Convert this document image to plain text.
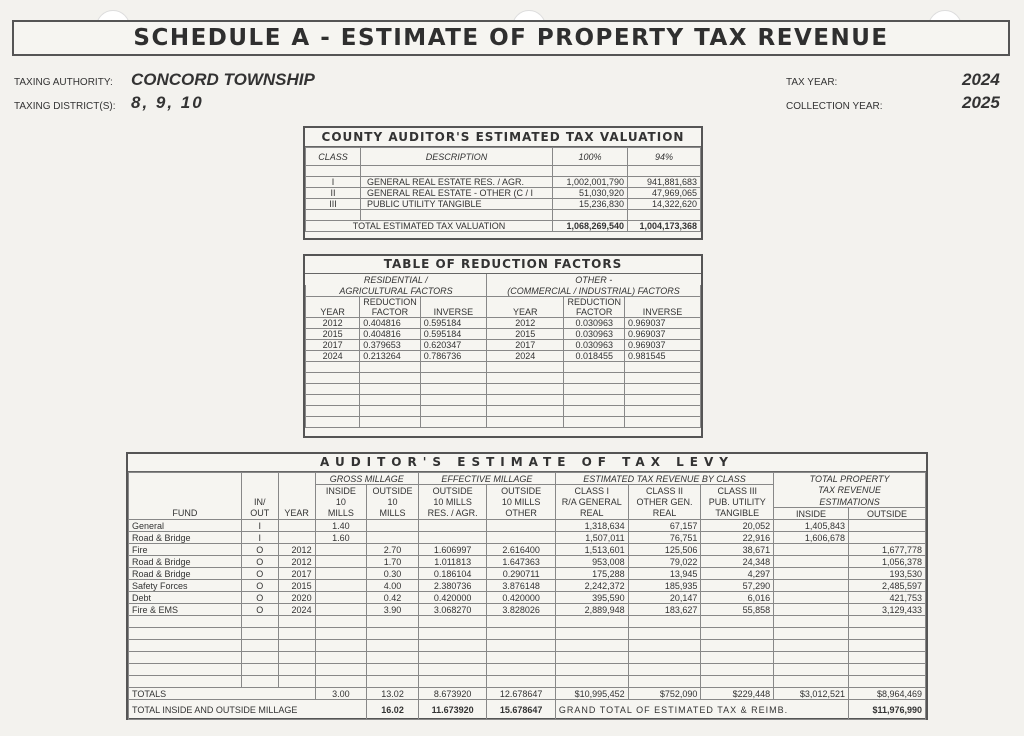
SCHEDULE A - ESTIMATE OF PROPERTY TAX REVENUE
TAXING AUTHORITY: CONCORD TOWNSHIP
TAXING DISTRICT(S): 8, 9, 10
TAX YEAR:	2024
COLLECTION YEAR:	2025
COUNTY AUDITOR'S ESTIMATED TAX VALUATION
CLASS	DESCRIPTION	100%	94%

I	GENERAL REAL ESTATE RES. / AGR.	1,002,001,790	941,881,683
II	GENERAL REAL ESTATE - OTHER (C / I	51,030,920	47,969,065
III	PUBLIC UTILITY TANGIBLE	15,236,830	14,322,620

TOTAL ESTIMATED TAX VALUATION		1,068,269,540	1,004,173,368
TABLE OF REDUCTION FACTORS
RESIDENTIAL /			OTHER -		
AGRICULTURAL FACTORS			(COMMERCIAL / INDUSTRIAL) FACTORS		
YEAR	REDUCTION	INVERSE	YEAR	REDUCTION	INVERSE
	FACTOR			FACTOR	
2012	0.404816	0.595184	2012	0.030963	0.969037
2015	0.404816	0.595184	2015	0.030963	0.969037
2017	0.379653	0.620347	2017	0.030963	0.969037
2024	0.213264	0.786736	2024	0.018455	0.981545

AUDITOR'S ESTIMATE OF TAX LEVY
			GROSS MILLAGE		EFFECTIVE MILLAGE		ESTIMATED TAX REVENUE BY CLASS			TOTAL PROPERTY	
			INSIDE	OUTSIDE	OUTSIDE	OUTSIDE	CLASS I	CLASS II	CLASS III	TAX REVENUE	
	IN/		10	10	10 MILLS	10 MILLS	R/A GENERAL	OTHER GEN.	PUB. UTILITY	ESTIMATIONS	
FUND	OUT	YEAR	MILLS	MILLS	RES. / AGR.	OTHER	REAL	REAL	TANGIBLE	INSIDE	OUTSIDE
General	I		1.40				1,318,634	67,157	20,052	1,405,843	
Road & Bridge	I		1.60				1,507,011	76,751	22,916	1,606,678	
Fire	O	2012		2.70	1.606997	2.616400	1,513,601	125,506	38,671		1,677,778
Road & Bridge	O	2012		1.70	1.011813	1.647363	953,008	79,022	24,348		1,056,378
Road & Bridge	O	2017		0.30	0.186104	0.290711	175,288	13,945	4,297		193,530
Safety Forces	O	2015		4.00	2.380736	3.876148	2,242,372	185,935	57,290		2,485,597
Debt	O	2020		0.42	0.420000	0.420000	395,590	20,147	6,016		421,753
Fire & EMS	O	2024		3.90	3.068270	3.828026	2,889,948	183,627	55,858		3,129,433

TOTALS			3.00	13.02	8.673920	12.678647	$10,995,452	$752,090	$229,448	$3,012,521	$8,964,469
TOTAL INSIDE AND OUTSIDE MILLAGE				16.02	11.673920	15.678647	GRAND TOTAL OF ESTIMATED TAX & REIMB.				$11,976,990
